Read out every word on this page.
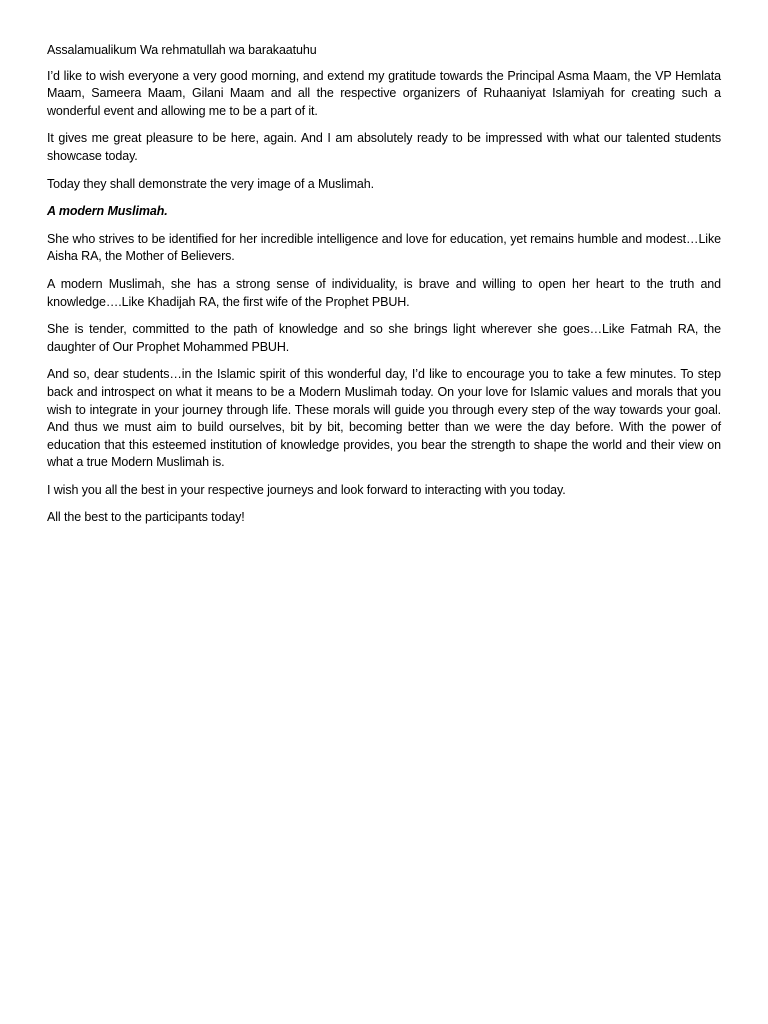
Assalamualikum Wa rehmatullah wa barakaatuhu

I’d like to wish everyone a very good morning, and extend my gratitude towards the Principal Asma Maam, the VP Hemlata Maam, Sameera Maam, Gilani Maam and all the respective organizers of Ruhaaniyat Islamiyah for creating such a wonderful event and allowing me to be a part of it.

It gives me great pleasure to be here, again. And I am absolutely ready to be impressed with what our talented students showcase today.

Today they shall demonstrate the very image of a Muslimah.

A modern Muslimah.

She who strives to be identified for her incredible intelligence and love for education, yet remains humble and modest…Like Aisha RA, the Mother of Believers.

A modern Muslimah, she has a strong sense of individuality, is brave and willing to open her heart to the truth and knowledge….Like Khadijah RA, the first wife of the Prophet PBUH.

She is tender, committed to the path of knowledge and so she brings light wherever she goes…Like Fatmah RA, the daughter of Our Prophet Mohammed PBUH.

And so, dear students…in the Islamic spirit of this wonderful day, I’d like to encourage you to take a few minutes. To step back and introspect on what it means to be a Modern Muslimah today. On your love for Islamic values and morals that you wish to integrate in your journey through life. These morals will guide you through every step of the way towards your goal. And thus we must aim to build ourselves, bit by bit, becoming better than we were the day before. With the power of education that this esteemed institution of knowledge provides, you bear the strength to shape the world and their view on what a true Modern Muslimah is.

I wish you all the best in your respective journeys and look forward to interacting with you today.

All the best to the participants today!
